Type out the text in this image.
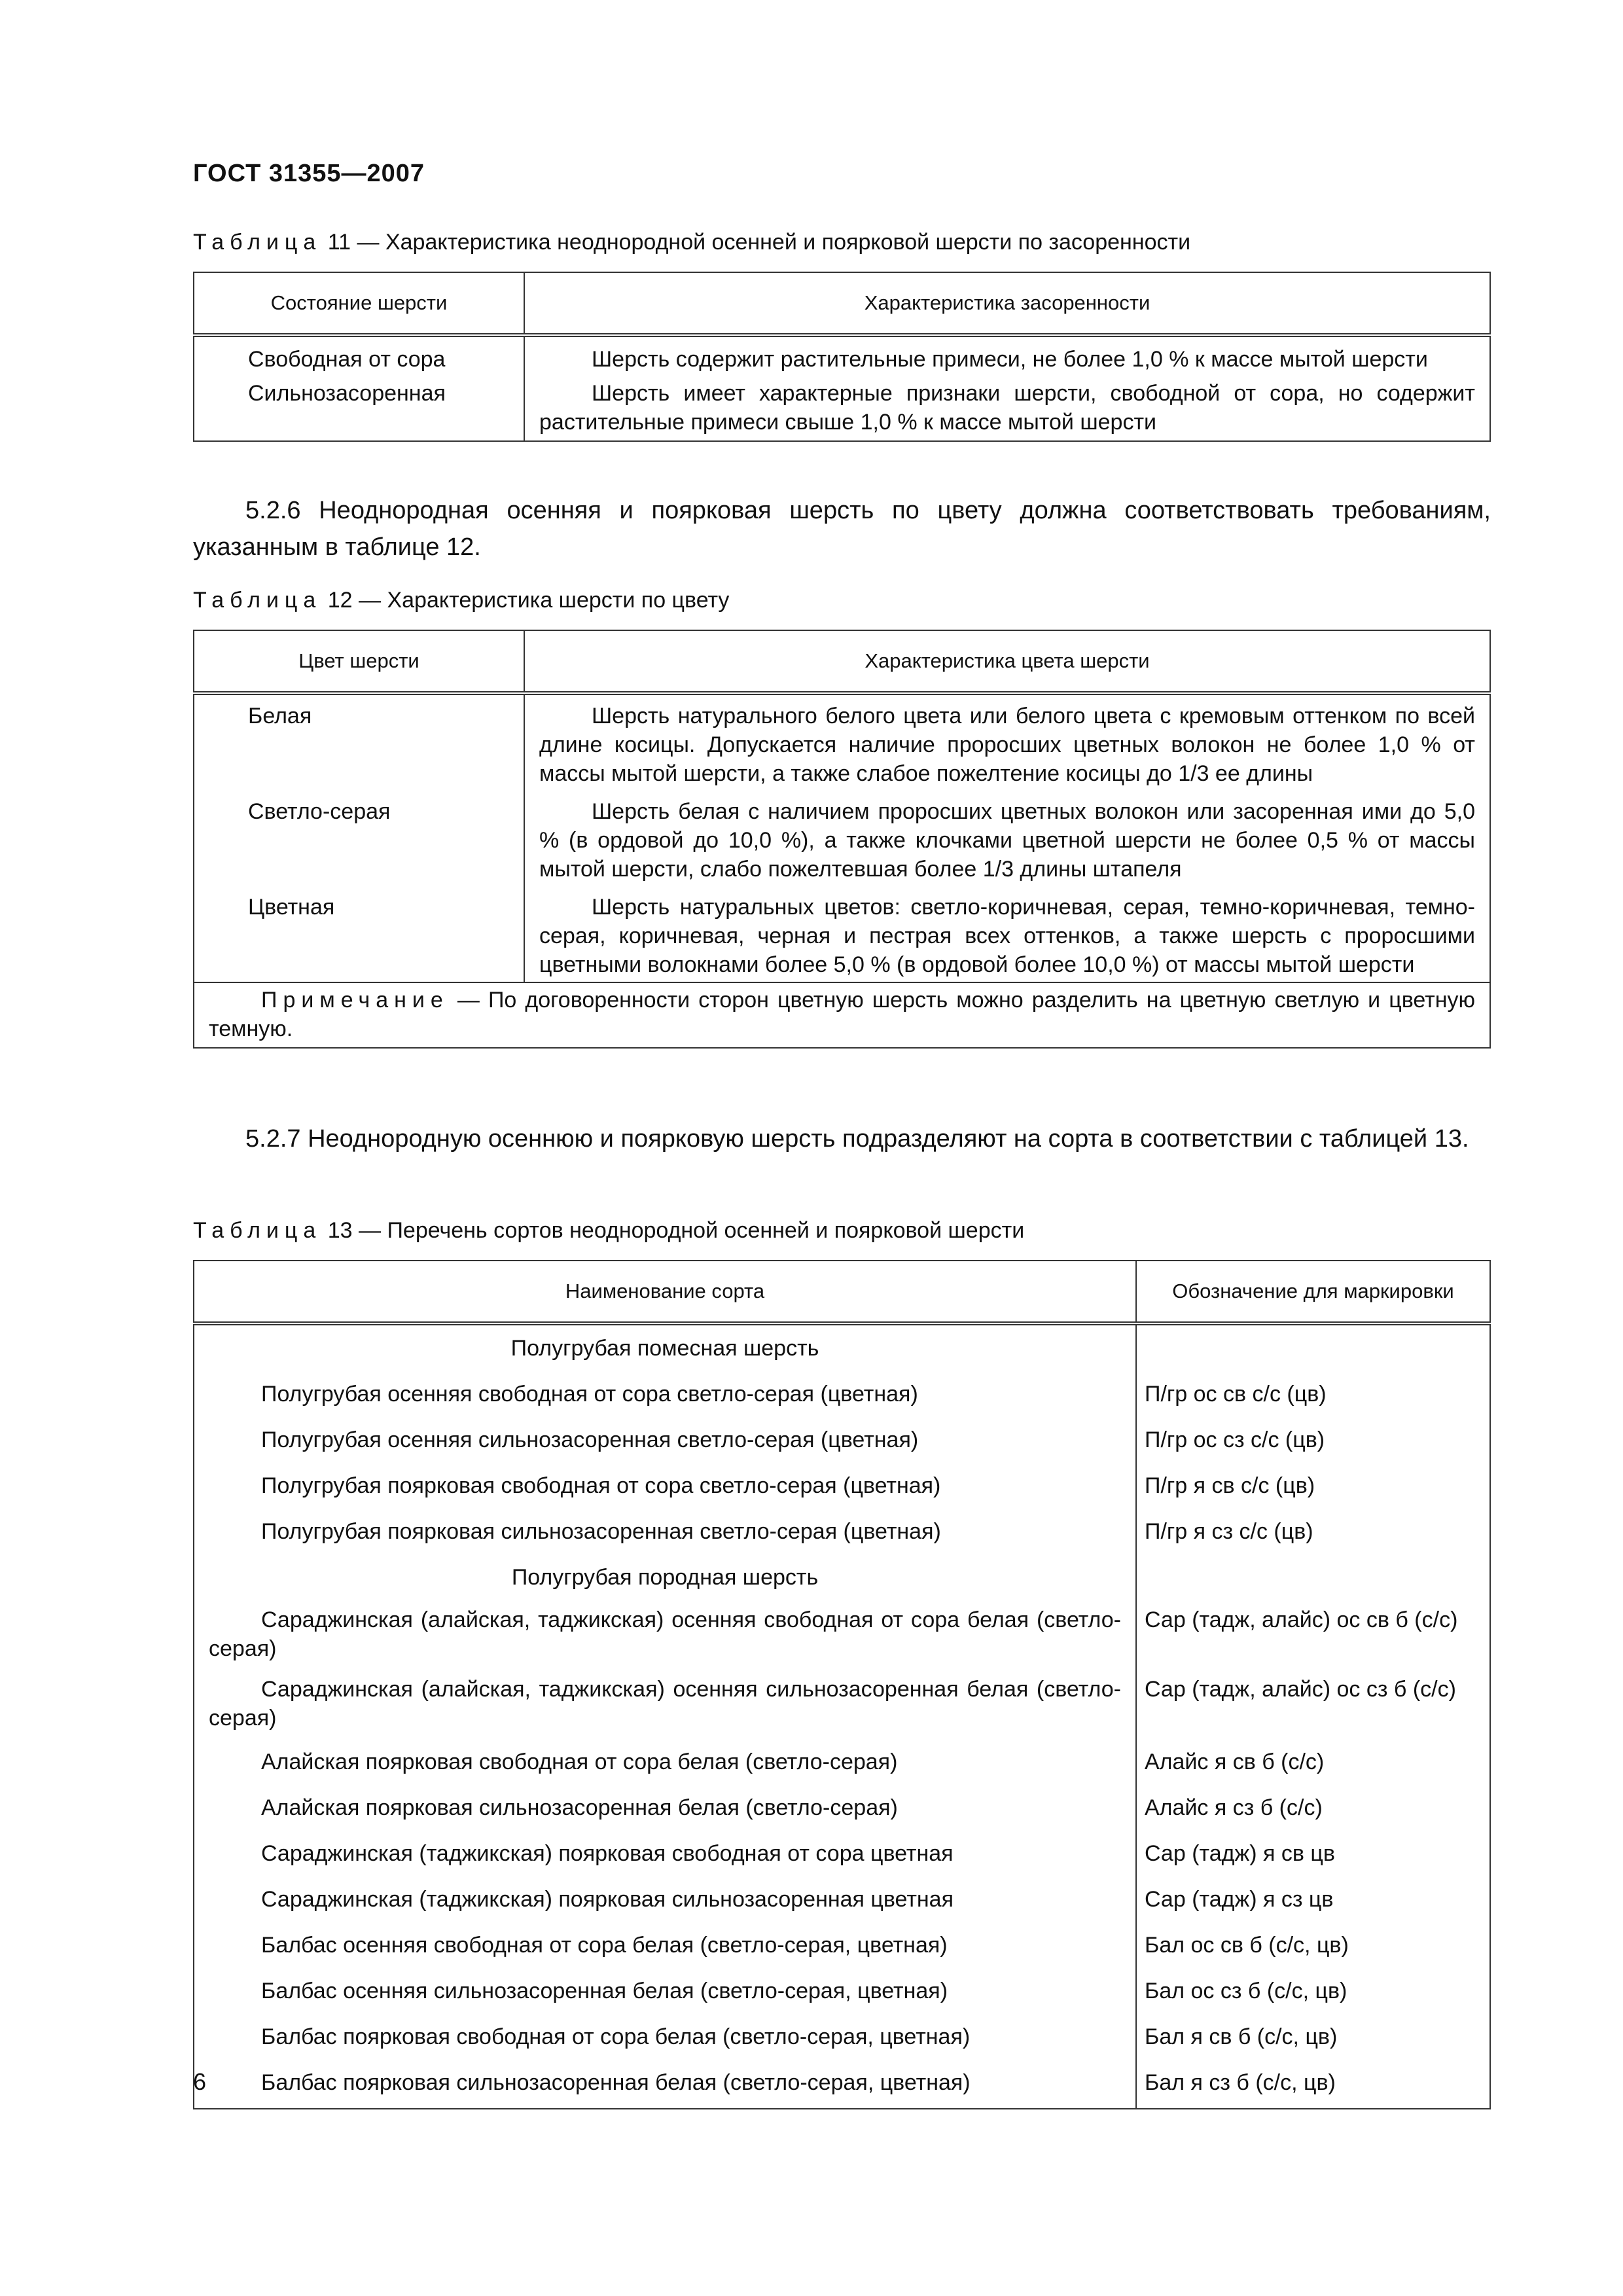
ГОСТ 31355—2007
Таблица 11 — Характеристика неоднородной осенней и поярковой шерсти по засоренности
Состояние шерсти	Характеристика засоренности
Свободная от сора	Шерсть содержит растительные примеси, не более 1,0 % к массе мытой шерсти
Сильнозасоренная	Шерсть имеет характерные признаки шерсти, свободной от сора, но содержит растительные примеси свыше 1,0 % к массе мытой шерсти
5.2.6 Неоднородная осенняя и поярковая шерсть по цвету должна соответствовать требованиям, указанным в таблице 12.
Таблица 12 — Характеристика шерсти по цвету
Цвет шерсти	Характеристика цвета шерсти
Белая	Шерсть натурального белого цвета или белого цвета с кремовым оттенком по всей длине косицы. Допускается наличие проросших цветных волокон не более 1,0 % от массы мытой шерсти, а также слабое пожелтение косицы до 1/3 ее длины
Светло-серая	Шерсть белая с наличием проросших цветных волокон или засоренная ими до 5,0 % (в ордовой до 10,0 %), а также клочками цветной шерсти не более 0,5 % от массы мытой шерсти, слабо пожелтевшая более 1/3 длины штапеля
Цветная	Шерсть натуральных цветов: светло-коричневая, серая, темно-коричневая, темно-серая, коричневая, черная и пестрая всех оттенков, а также шерсть с проросшими цветными волокнами более 5,0 % (в ордовой более 10,0 %) от массы мытой шерсти
Примечание — По договоренности сторон цветную шерсть можно разделить на цветную светлую и цветную темную.	
5.2.7 Неоднородную осеннюю и поярковую шерсть подразделяют на сорта в соответствии с таблицей 13.
Таблица 13 — Перечень сортов неоднородной осенней и поярковой шерсти
Наименование сорта	Обозначение для маркировки
Полугрубая помесная шерсть	
Полугрубая осенняя свободная от сора светло-серая (цветная)	П/гр ос св с/с (цв)
Полугрубая осенняя сильнозасоренная светло-серая (цветная)	П/гр ос сз с/с (цв)
Полугрубая поярковая свободная от сора светло-серая (цветная)	П/гр я св с/с (цв)
Полугрубая поярковая сильнозасоренная светло-серая (цветная)	П/гр я сз с/с (цв)
Полугрубая породная шерсть	
Сараджинская (алайская, таджикская) осенняя свободная от сора белая (светло-серая)	Сар (тадж, алайс) ос св б (с/с)
Сараджинская (алайская, таджикская) осенняя сильнозасоренная белая (светло-серая)	Сар (тадж, алайс) ос сз б (с/с)
Алайская поярковая свободная от сора белая (светло-серая)	Алайс я св б (с/с)
Алайская поярковая сильнозасоренная белая (светло-серая)	Алайс я сз б (с/с)
Сараджинская (таджикская) поярковая свободная от сора цветная	Сар (тадж) я св цв
Сараджинская (таджикская) поярковая сильнозасоренная цветная	Сар (тадж) я сз цв
Балбас осенняя свободная от сора белая (светло-серая, цветная)	Бал ос св б (с/с, цв)
Балбас осенняя сильнозасоренная белая (светло-серая, цветная)	Бал ос сз б (с/с, цв)
Балбас поярковая свободная от сора белая (светло-серая, цветная)	Бал я св б (с/с, цв)
Балбас поярковая сильнозасоренная белая (светло-серая, цветная)	Бал я сз б (с/с, цв)
6
